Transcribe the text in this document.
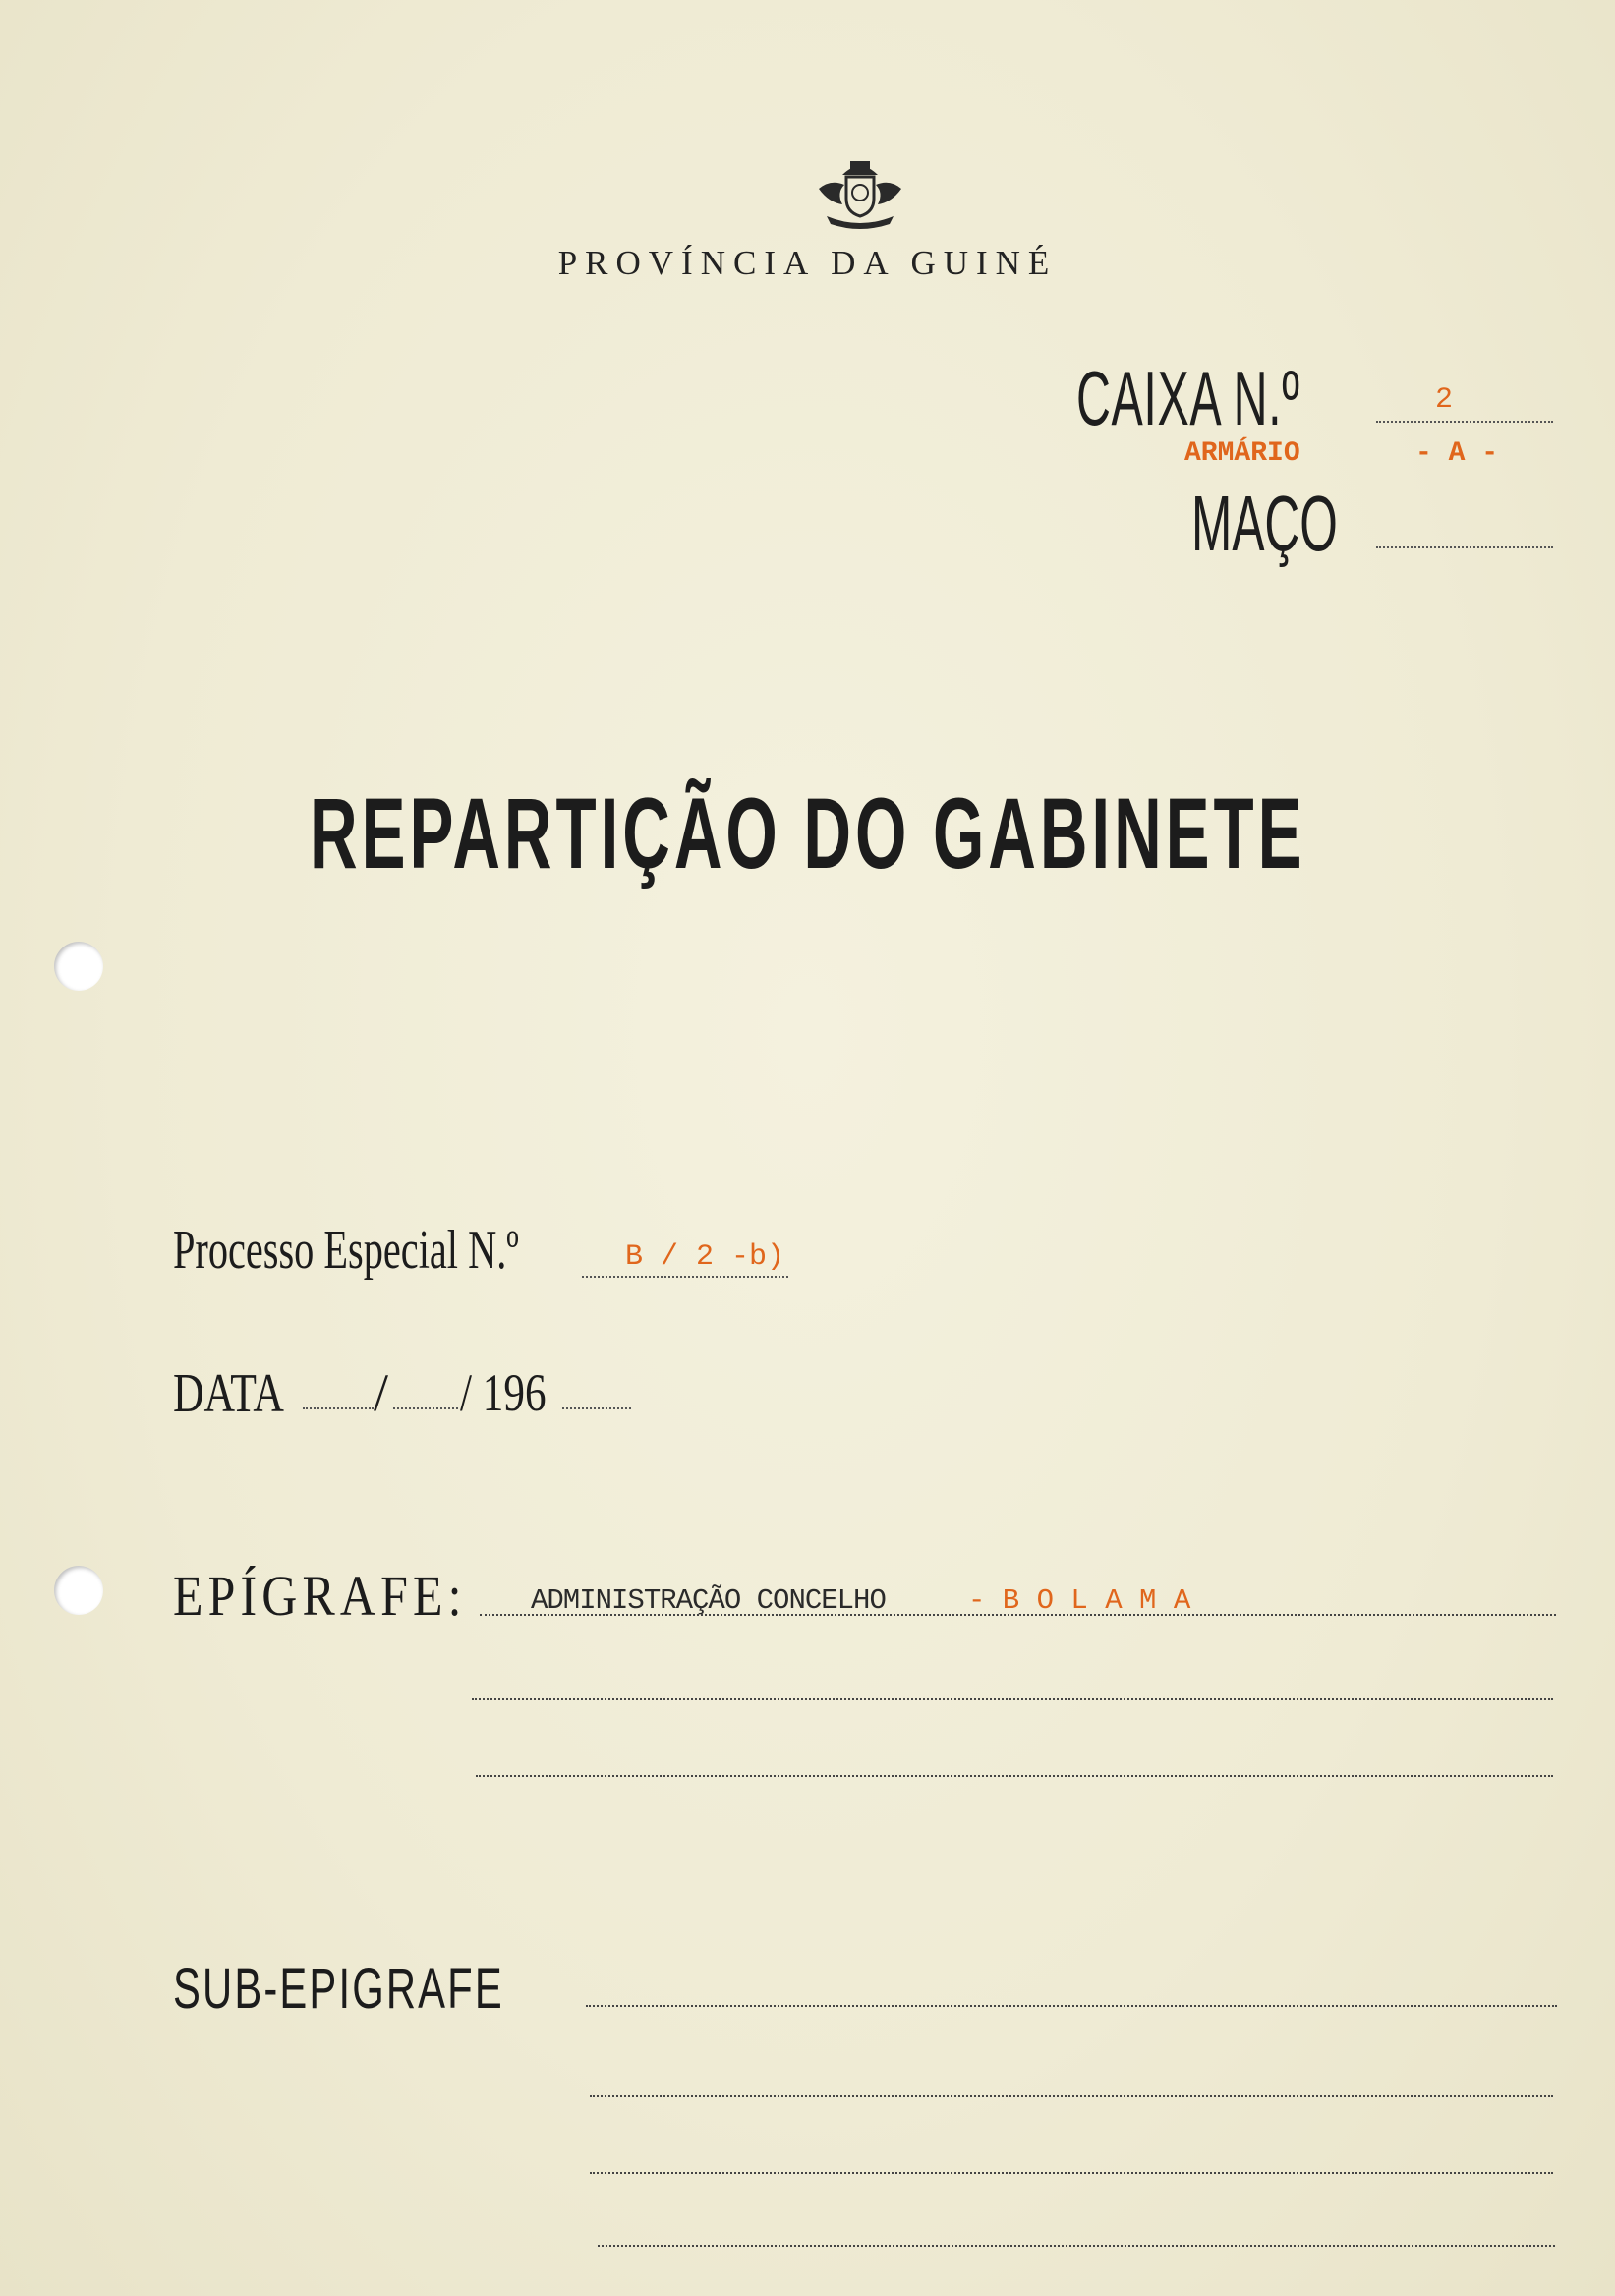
PROVÍNCIA DA GUINÉ
CAIXA N.º	2
ARMÁRIO	- A -
MAÇO
REPARTIÇÃO DO GABINETE
Processo Especial N.º	B / 2 -b)
DATA	/ / 196
EPÍGRAFE:	ADMINISTRAÇÃO CONCELHO	- B O L A M A
SUB-EPIGRAFE
